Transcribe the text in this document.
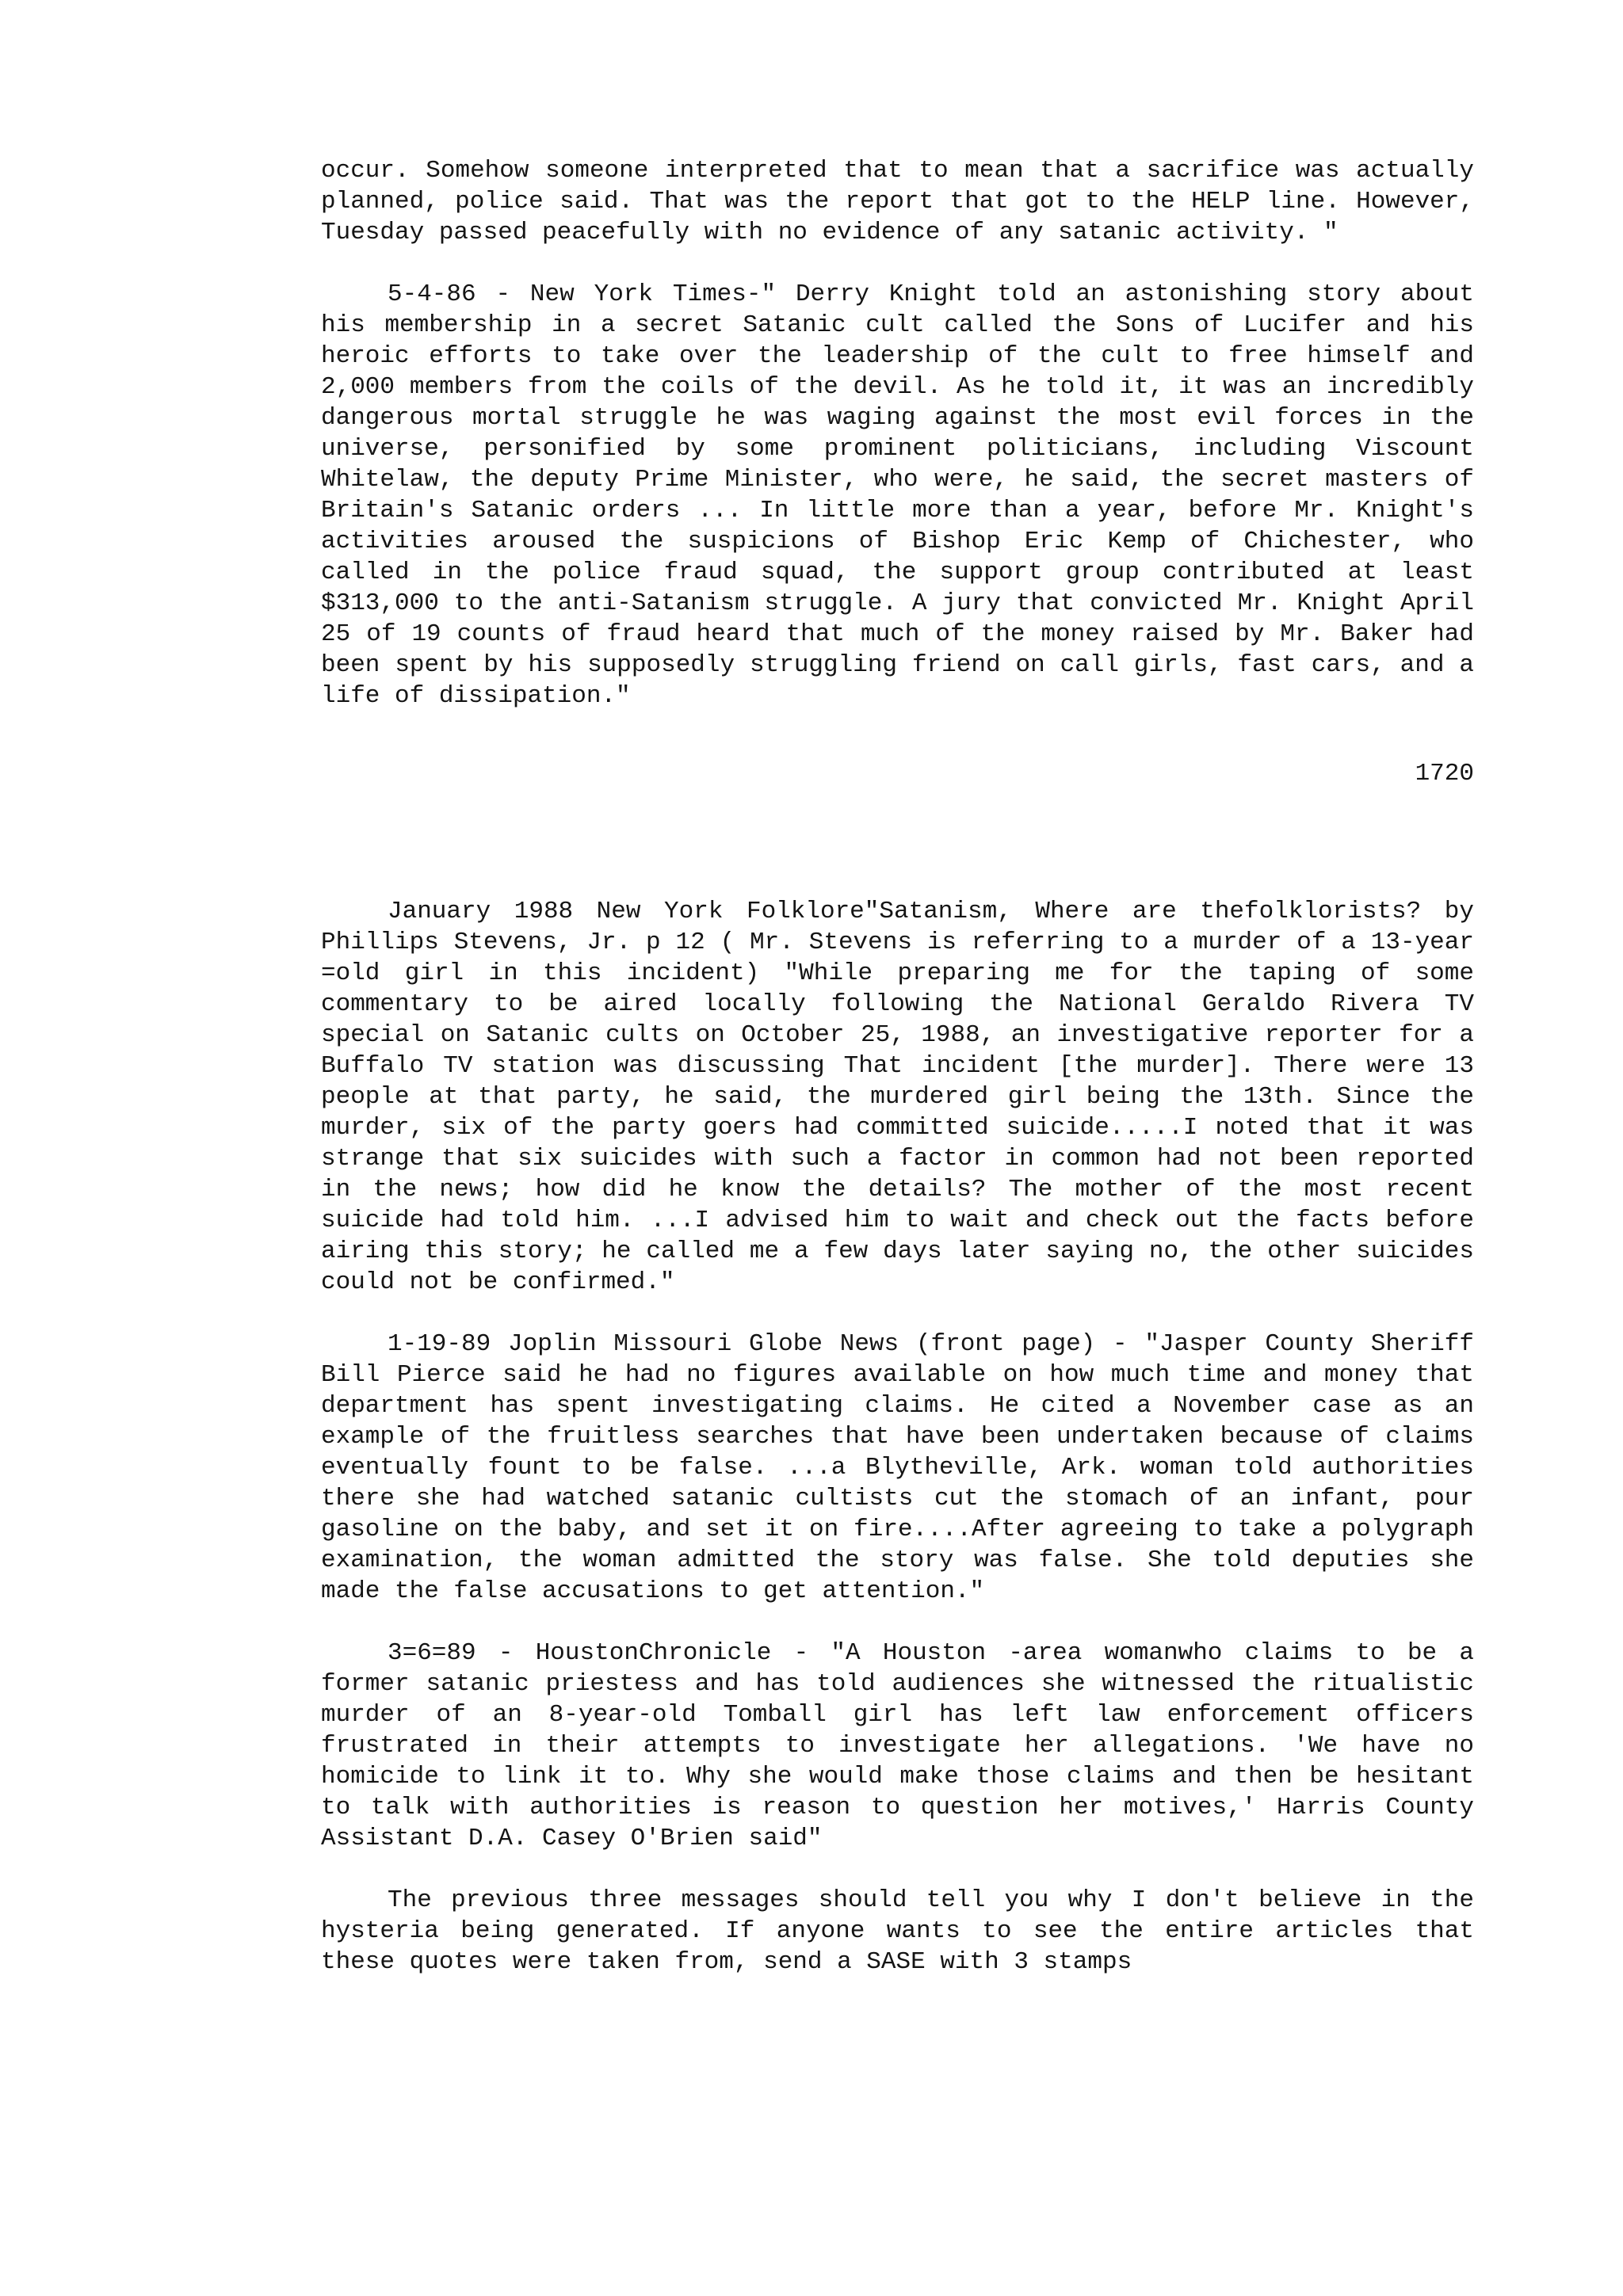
occur. Somehow someone interpreted that to mean that a sacrifice was actually planned, police said. That was the report that got to the HELP line. However, Tuesday passed peacefully with no evidence of any satanic activity. "

5-4-86 - New York Times-" Derry Knight told an astonishing story about his membership in a secret Satanic cult called the Sons of Lucifer and his heroic efforts to take over the leadership of the cult to free himself and 2,000 members from the coils of the devil. As he told it, it was an incredibly dangerous mortal struggle he was waging against the most evil forces in the universe, personified by some prominent politicians, including Viscount Whitelaw, the deputy Prime Minister, who were, he said, the secret masters of Britain's Satanic orders ... In little more than a year, before Mr. Knight's activities aroused the suspicions of Bishop Eric Kemp of Chichester, who called in the police fraud squad, the support group contributed at least $313,000 to the anti-Satanism struggle. A jury that convicted Mr. Knight April 25 of 19 counts of fraud heard that much of the money raised by Mr. Baker had been spent by his supposedly struggling friend on call girls, fast cars, and a life of dissipation."

1720

January 1988 New York Folklore"Satanism, Where are thefolklorists? by Phillips Stevens, Jr. p 12 ( Mr. Stevens is referring to a murder of a 13-year =old girl in this incident) "While preparing me for the taping of some commentary to be aired locally following the National Geraldo Rivera TV special on Satanic cults on October 25, 1988, an investigative reporter for a Buffalo TV station was discussing That incident [the murder]. There were 13 people at that party, he said, the murdered girl being the 13th. Since the murder, six of the party goers had committed suicide.....I noted that it was strange that six suicides with such a factor in common had not been reported in the news; how did he know the details? The mother of the most recent suicide had told him. ...I advised him to wait and check out the facts before airing this story; he called me a few days later saying no, the other suicides could not be confirmed."

1-19-89 Joplin Missouri Globe News (front page) - "Jasper County Sheriff Bill Pierce said he had no figures available on how much time and money that department has spent investigating claims. He cited a November case as an example of the fruitless searches that have been undertaken because of claims eventually fount to be false. ...a Blytheville, Ark. woman told authorities there she had watched satanic cultists cut the stomach of an infant, pour gasoline on the baby, and set it on fire....After agreeing to take a polygraph examination, the woman admitted the story was false. She told deputies she made the false accusations to get attention."

3=6=89 - HoustonChronicle - "A Houston -area womanwho claims to be a former satanic priestess and has told audiences she witnessed the ritualistic murder of an 8-year-old Tomball girl has left law enforcement officers frustrated in their attempts to investigate her allegations. 'We have no homicide to link it to. Why she would make those claims and then be hesitant to talk with authorities is reason to question her motives,' Harris County Assistant D.A. Casey O'Brien said"

The previous three messages should tell you why I don't believe in the hysteria being generated. If anyone wants to see the entire articles that these quotes were taken from, send a SASE with 3 stamps
